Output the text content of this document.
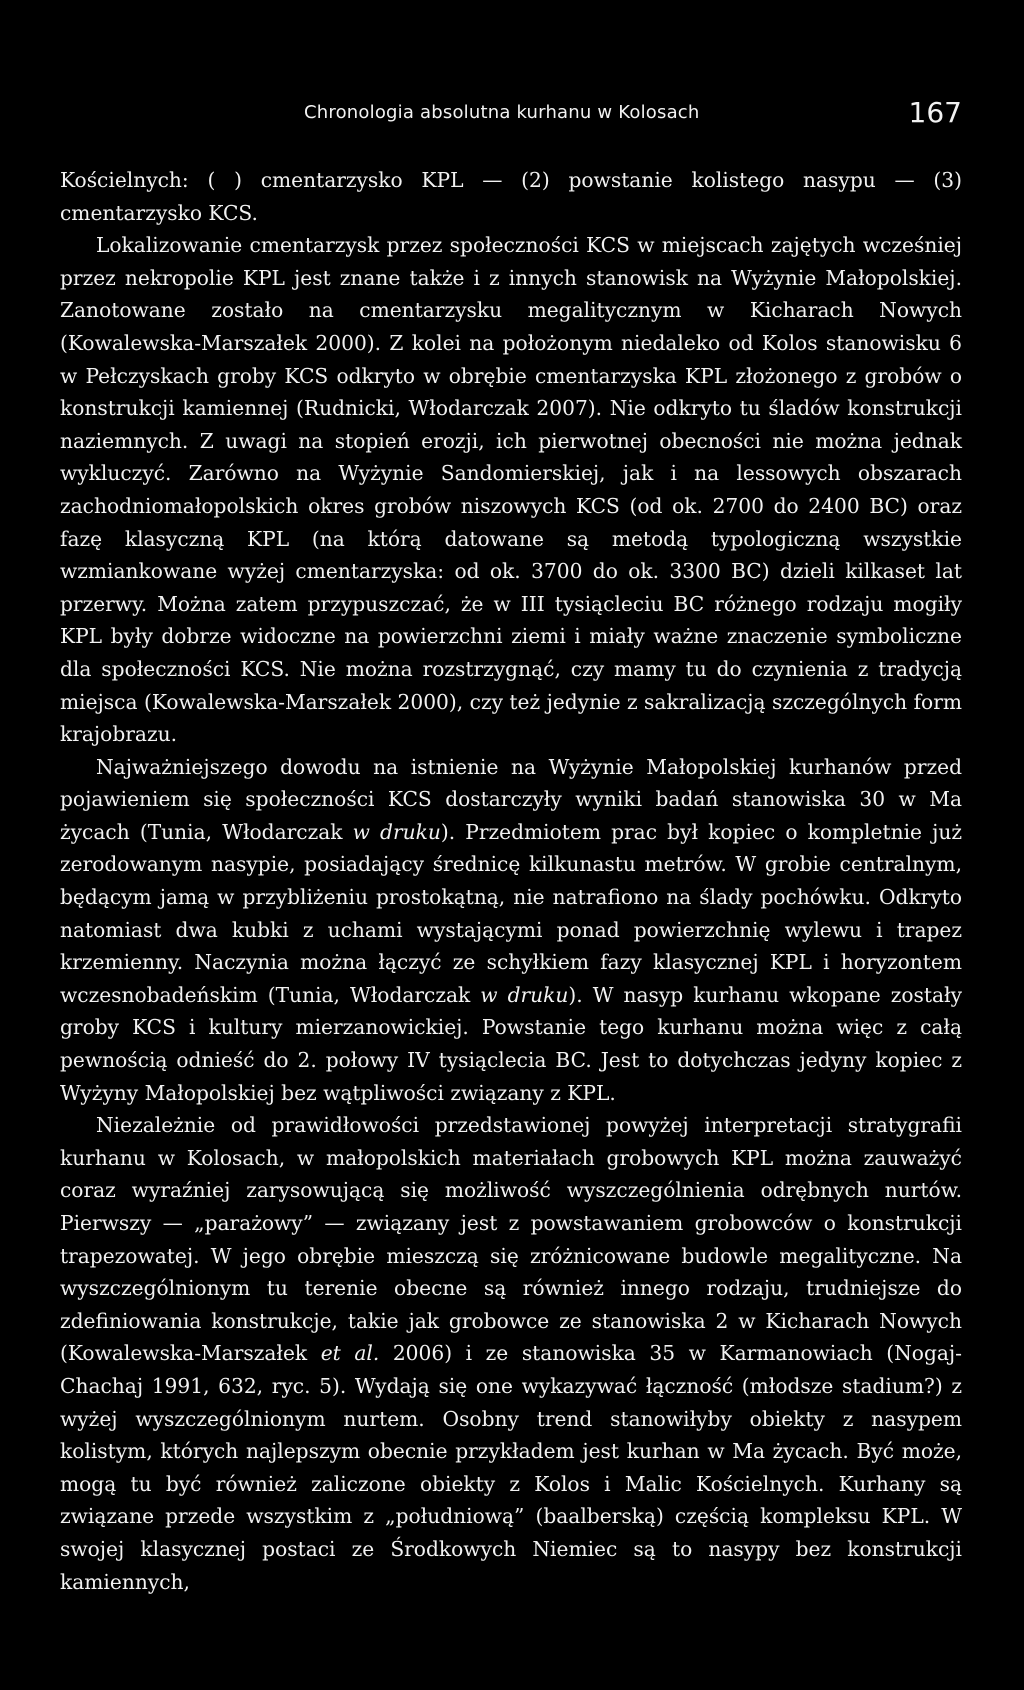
Chronologia absolutna kurhanu w Kolosach	167

Kościelnych: ( ) cmentarzysko KPL — (2) powstanie kolistego nasypu — (3) cmentarzysko KCS.

Lokalizowanie cmentarzysk przez społeczności KCS w miejscach zajętych wcześniej przez nekropolie KPL jest znane także i z innych stanowisk na Wyżynie Małopolskiej. Zanotowane zostało na cmentarzysku megalitycznym w Kicharach Nowych (Kowalewska-Marszałek 2000). Z kolei na położonym niedaleko od Kolos stanowisku 6 w Pełczyskach groby KCS odkryto w obrębie cmentarzyska KPL złożonego z grobów o konstrukcji kamiennej (Rudnicki, Włodarczak 2007). Nie odkryto tu śladów konstrukcji naziemnych. Z uwagi na stopień erozji, ich pierwotnej obecności nie można jednak wykluczyć. Zarówno na Wyżynie Sandomierskiej, jak i na lessowych obszarach zachodniomałopolskich okres grobów niszowych KCS (od ok. 2700 do 2400 BC) oraz fazę klasyczną KPL (na którą datowane są metodą typologiczną wszystkie wzmiankowane wyżej cmentarzyska: od ok. 3700 do ok. 3300 BC) dzieli kilkaset lat przerwy. Można zatem przypuszczać, że w III tysiącleciu BC różnego rodzaju mogiły KPL były dobrze widoczne na powierzchni ziemi i miały ważne znaczenie symboliczne dla społeczności KCS. Nie można rozstrzygnąć, czy mamy tu do czynienia z tradycją miejsca (Kowalewska-Marszałek 2000), czy też jedynie z sakralizacją szczególnych form krajobrazu.

Najważniejszego dowodu na istnienie na Wyżynie Małopolskiej kurhanów przed pojawieniem się społeczności KCS dostarczyły wyniki badań stanowiska 30 w Ma życach (Tunia, Włodarczak w druku). Przedmiotem prac był kopiec o kompletnie już zerodowanym nasypie, posiadający średnicę kilkunastu metrów. W grobie centralnym, będącym jamą w przybliżeniu prostokątną, nie natrafiono na ślady pochówku. Odkryto natomiast dwa kubki z uchami wystającymi ponad powierzchnię wylewu i trapez krzemienny. Naczynia można łączyć ze schyłkiem fazy klasycznej KPL i horyzontem wczesnobadeńskim (Tunia, Włodarczak w druku). W nasyp kurhanu wkopane zostały groby KCS i kultury mierzanowickiej. Powstanie tego kurhanu można więc z całą pewnością odnieść do 2. połowy IV tysiąclecia BC. Jest to dotychczas jedyny kopiec z Wyżyny Małopolskiej bez wątpliwości związany z KPL.

Niezależnie od prawidłowości przedstawionej powyżej interpretacji stratygrafii kurhanu w Kolosach, w małopolskich materiałach grobowych KPL można zauważyć coraz wyraźniej zarysowującą się możliwość wyszczególnienia odrębnych nurtów. Pierwszy — „parażowy” — związany jest z powstawaniem grobowców o konstrukcji trapezowatej. W jego obrębie mieszczą się zróżnicowane budowle megalityczne. Na wyszczególnionym tu terenie obecne są również innego rodzaju, trudniejsze do zdefiniowania konstrukcje, takie jak grobowce ze stanowiska 2 w Kicharach Nowych (Kowalewska-Marszałek et al. 2006) i ze stanowiska 35 w Karmanowiach (Nogaj-Chachaj 1991, 632, ryc. 5). Wydają się one wykazywać łączność (młodsze stadium?) z wyżej wyszczególnionym nurtem. Osobny trend stanowiłyby obiekty z nasypem kolistym, których najlepszym obecnie przykładem jest kurhan w Ma życach. Być może, mogą tu być również zaliczone obiekty z Kolos i Malic Kościelnych. Kurhany są związane przede wszystkim z „południową” (baalberską) częścią kompleksu KPL. W swojej klasycznej postaci ze Środkowych Niemiec są to nasypy bez konstrukcji kamiennych,
